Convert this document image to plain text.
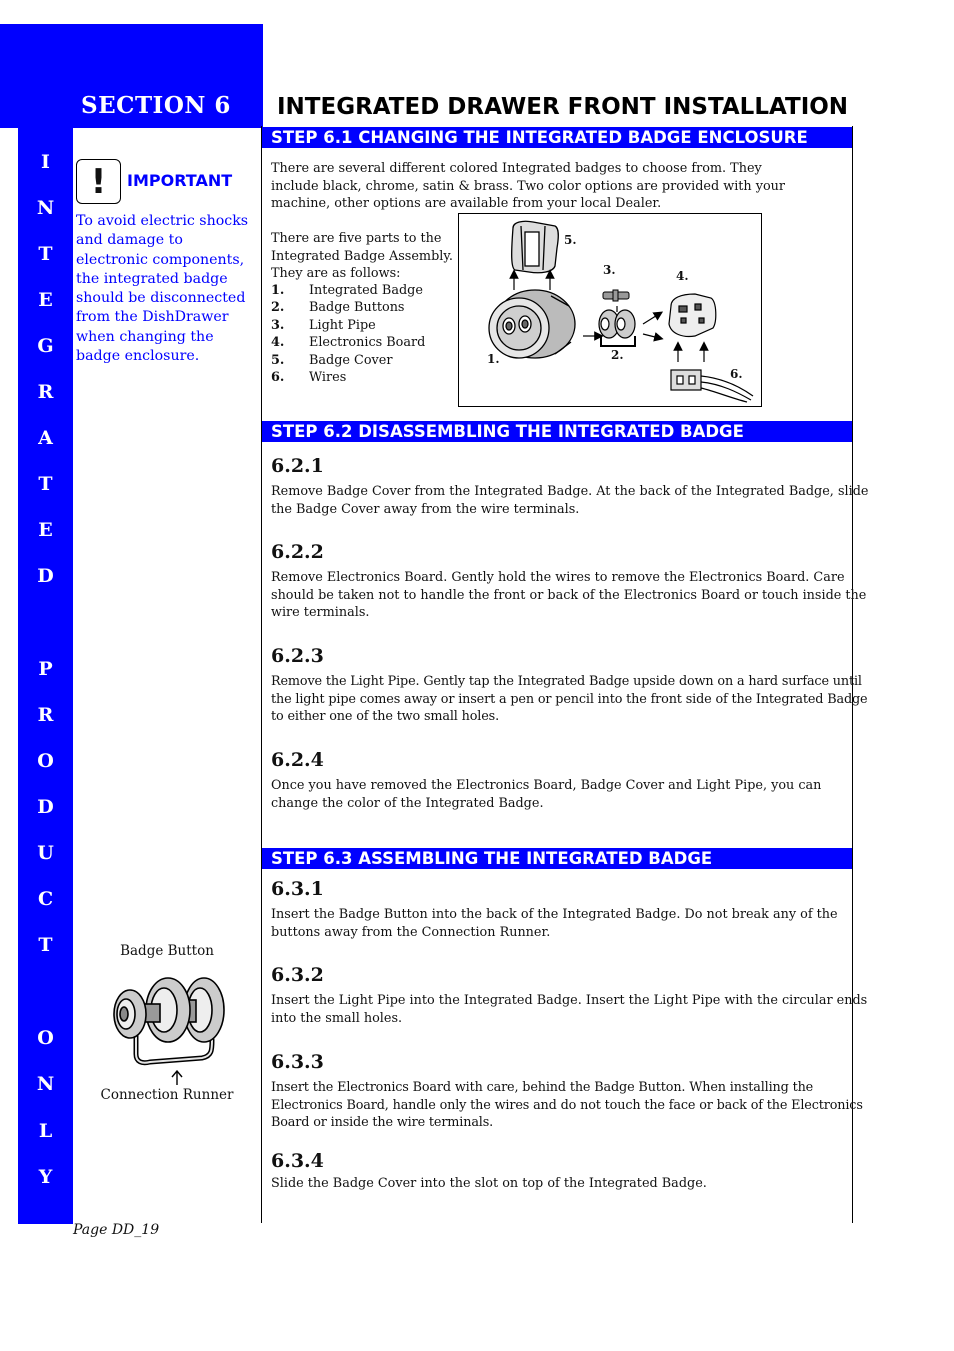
SECTION 6 INTEGRATED DRAWER FRONT INSTALLATION
I
N
T
E
G
R
A
T
E
D
P
R
O
D
U
C
T
O
N
L
Y
!	IMPORTANT

To avoid electric shocks and damage to electronic components, the integrated badge should be disconnected from the DishDrawer when changing the badge enclosure.

STEP 6.1 CHANGING THE INTEGRATED BADGE ENCLOSURE

There are several different colored Integrated badges to choose from. They
include black, chrome, satin & brass. Two color options are provided with your
machine, other options are available from your local Dealer.

There are five parts to the
Integrated Badge Assembly.
They are as follows:

1.	Integrated Badge
2.	Badge Buttons
3.	Light Pipe
4.	Electronics Board
5.	Badge Cover
6.	Wires

5.

3.	4.

2.

1.

6.

STEP 6.2 DISASSEMBLING THE INTEGRATED BADGE
6.2.1

Remove Badge Cover from the Integrated Badge. At the back of the Integrated Badge, slide
the Badge Cover away from the wire terminals.

6.2.2

Remove Electronics Board. Gently hold the wires to remove the Electronics Board. Care
should be taken not to handle the front or back of the Electronics Board or touch inside the
wire terminals.

6.2.3

Remove the Light Pipe. Gently tap the Integrated Badge upside down on a hard surface until
the light pipe comes away or insert a pen or pencil into the front side of the Integrated Badge
to either one of the two small holes.

6.2.4

Once you have removed the Electronics Board, Badge Cover and Light Pipe, you can
change the color of the Integrated Badge.

STEP 6.3 ASSEMBLING THE INTEGRATED BADGE
6.3.1

Insert the Badge Button into the back of the Integrated Badge. Do not break any of the
buttons away from the Connection Runner.

6.3.2

Insert the Light Pipe into the Integrated Badge. Insert the Light Pipe with the circular ends
into the small holes.

6.3.3

Insert the Electronics Board with care, behind the Badge Button. When installing the
Electronics Board, handle only the wires and do not touch the face or back of the Electronics
Board or inside the wire terminals.

6.3.4

Slide the Badge Cover into the slot on top of the Integrated Badge.

Badge Button

Connection Runner

Page DD_19
